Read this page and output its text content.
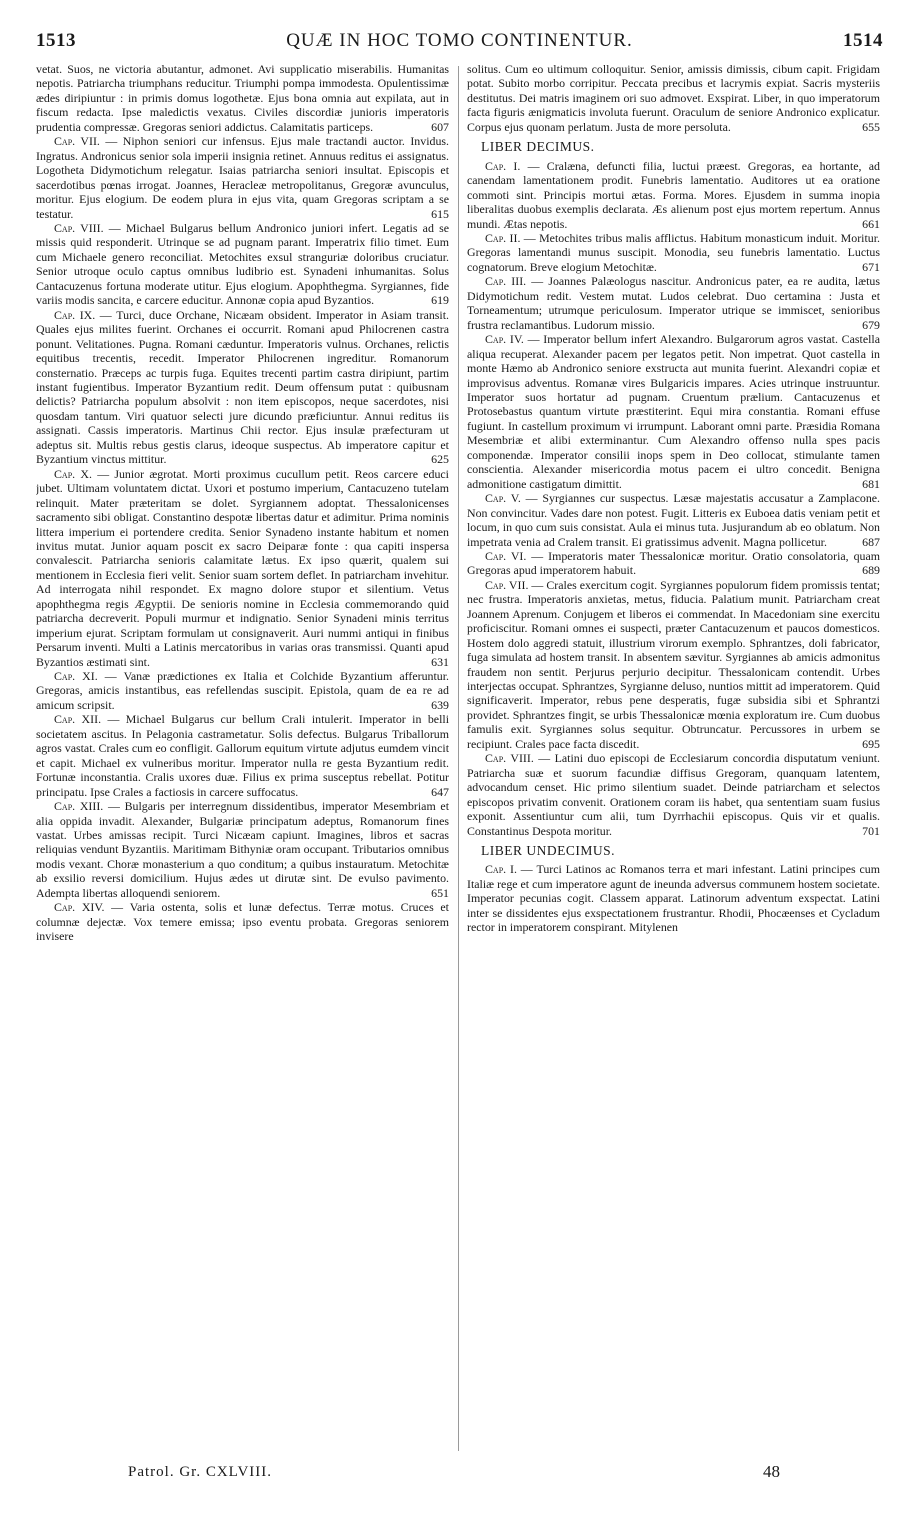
QUÆ IN HOC TOMO CONTINENTUR.
1513	1514

vetat. Suos, ne victoria abutantur, admonet. Avi supplicatio miserabilis. Humanitas nepotis. Patriarcha triumphans reducitur. Triumphi pompa immodesta. Opulentissimæ ædes diripiuntur : in primis domus logothetæ. Ejus bona omnia aut expilata, aut in fiscum redacta. Ipse maledictis vexatus. Civiles discordiæ junioris imperatoris prudentia compressæ. Gregoras seniori addictus. Calamitatis particeps.	607

Cap. VII. — Niphon seniori cur infensus. Ejus male tractandi auctor. Invidus. Ingratus. Andronicus senior sola imperii insignia retinet. Annuus reditus ei assignatus. Logotheta Didymotichum relegatur. Isaias patriarcha seniori insultat. Episcopis et sacerdotibus pœnas irrogat. Joannes, Heracleæ metropolitanus, Gregoræ avunculus, moritur. Ejus elogium. De eodem plura in ejus vita, quam Gregoras scriptam a se testatur.	615

Cap. VIII. — Michael Bulgarus bellum Andronico juniori infert. Legatis ad se missis quid responderit. Utrinque se ad pugnam parant. Imperatrix filio timet. Eum cum Michaele genero reconciliat. Metochites exsul stranguriæ doloribus cruciatur. Senior utroque oculo captus omnibus ludibrio est. Synadeni inhumanitas. Solus Cantacuzenus fortuna moderate utitur. Ejus elogium. Apophthegma. Syrgiannes, fide variis modis sancita, e carcere educitur. Annonæ copia apud Byzantios.	619

Cap. IX. — Turci, duce Orchane, Nicæam obsident. Imperator in Asiam transit. Quales ejus milites fuerint. Orchanes ei occurrit. Romani apud Philocrenen castra ponunt. Velitationes. Pugna. Romani cæduntur. Imperatoris vulnus. Orchanes, relictis equitibus trecentis, recedit. Imperator Philocrenen ingreditur. Romanorum consternatio. Præceps ac turpis fuga. Equites trecenti partim castra diripiunt, partim instant fugientibus. Imperator Byzantium redit. Deum offensum putat : quibusnam delictis? Patriarcha populum absolvit : non item episcopos, neque sacerdotes, nisi quosdam tantum. Viri quatuor selecti jure dicundo præficiuntur. Annui reditus iis assignati. Cassis imperatoris. Martinus Chii rector. Ejus insulæ præfecturam ut adeptus sit. Multis rebus gestis clarus, ideoque suspectus. Ab imperatore capitur et Byzantium vinctus mittitur.	625

Cap. X. — Junior ægrotat. Morti proximus cucullum petit. Reos carcere educi jubet. Ultimam voluntatem dictat. Uxori et postumo imperium, Cantacuzeno tutelam relinquit. Mater præteritam se dolet. Syrgiannem adoptat. Thessalonicenses sacramento sibi obligat. Constantino despotæ libertas datur et adimitur. Prima nominis littera imperium ei portendere credita. Senior Synadeno instante habitum et nomen invitus mutat. Junior aquam poscit ex sacro Deiparæ fonte : qua capiti inspersa convalescit. Patriarcha senioris calamitate lætus. Ex ipso quærit, qualem sui mentionem in Ecclesia fieri velit. Senior suam sortem deflet. In patriarcham invehitur. Ad interrogata nihil respondet. Ex magno dolore stupor et silentium. Vetus apophthegma regis Ægyptii. De senioris nomine in Ecclesia commemorando quid patriarcha decreverit. Populi murmur et indignatio. Senior Synadeni minis territus imperium ejurat. Scriptam formulam ut consignaverit. Auri nummi antiqui in finibus Persarum inventi. Multi a Latinis mercatoribus in varias oras transmissi. Quanti apud Byzantios æstimati sint.	631

Cap. XI. — Vanæ prædictiones ex Italia et Colchide Byzantium afferuntur. Gregoras, amicis instantibus, eas refellendas suscipit. Epistola, quam de ea re ad amicum scripsit.	639

Cap. XII. — Michael Bulgarus cur bellum Crali intulerit. Imperator in belli societatem ascitus. In Pelagonia castrametatur. Solis defectus. Bulgarus Triballorum agros vastat. Crales cum eo confligit. Gallorum equitum virtute adjutus eumdem vincit et capit. Michael ex vulneribus moritur. Imperator nulla re gesta Byzantium redit. Fortunæ inconstantia. Cralis uxores duæ. Filius ex prima susceptus rebellat. Potitur principatu. Ipse Crales a factiosis in carcere suffocatus.	647

Cap. XIII. — Bulgaris per interregnum dissidentibus, imperator Mesembriam et alia oppida invadit. Alexander, Bulgariæ principatum adeptus, Romanorum fines vastat. Urbes amissas recipit. Turci Nicæam capiunt. Imagines, libros et sacras reliquias vendunt Byzantiis. Maritimam Bithyniæ oram occupant. Tributarios omnibus modis vexant. Choræ monasterium a quo conditum; a quibus instauratum. Metochitæ ab exsilio reversi domicilium. Hujus ædes ut dirutæ sint. De evulso pavimento. Adempta libertas alloquendi seniorem.	651

Cap. XIV. — Varia ostenta, solis et lunæ defectus. Terræ motus. Cruces et columnæ dejectæ. Vox temere emissa; ipso eventu probata. Gregoras seniorem invisere

solitus. Cum eo ultimum colloquitur. Senior, amissis dimissis, cibum capit. Frigidam potat. Subito morbo corripitur. Peccata precibus et lacrymis expiat. Sacris mysteriis destitutus. Dei matris imaginem ori suo admovet. Exspirat. Liber, in quo imperatorum facta figuris ænigmaticis involuta fuerunt. Oraculum de seniore Andronico explicatur. Corpus ejus quonam perlatum. Justa de more persoluta.	655

LIBER DECIMUS.

Cap. I. — Cralæna, defuncti filia, luctui præest. Gregoras, ea hortante, ad canendam lamentationem prodit. Funebris lamentatio. Auditores ut ea oratione commoti sint. Principis mortui ætas. Forma. Mores. Ejusdem in summa inopia liberalitas duobus exemplis declarata. Æs alienum post ejus mortem repertum. Annus mundi. Ætas nepotis.	661

Cap. II. — Metochites tribus malis afflictus. Habitum monasticum induit. Moritur. Gregoras lamentandi munus suscipit. Monodia, seu funebris lamentatio. Luctus cognatorum. Breve elogium Metochitæ.	671

Cap. III. — Joannes Palæologus nascitur. Andronicus pater, ea re audita, lætus Didymotichum redit. Vestem mutat. Ludos celebrat. Duo certamina : Justa et Torneamentum; utrumque periculosum. Imperator utrique se immiscet, senioribus frustra reclamantibus. Ludorum missio.	679

Cap. IV. — Imperator bellum infert Alexandro. Bulgarorum agros vastat. Castella aliqua recuperat. Alexander pacem per legatos petit. Non impetrat. Quot castella in monte Hæmo ab Andronico seniore exstructa aut munita fuerint. Alexandri copiæ et improvisus adventus. Romanæ vires Bulgaricis impares. Acies utrinque instruuntur. Imperator suos hortatur ad pugnam. Cruentum prælium. Cantacuzenus et Protosebastus quantum virtute præstiterint. Equi mira constantia. Romani effuse fugiunt. In castellum proximum vi irrumpunt. Laborant omni parte. Præsidia Romana Mesembriæ et alibi exterminantur. Cum Alexandro offenso nulla spes pacis componendæ. Imperator consilii inops spem in Deo collocat, stimulante tamen conscientia. Alexander misericordia motus pacem ei ultro concedit. Benigna admonitione castigatum dimittit.	681

Cap. V. — Syrgiannes cur suspectus. Læsæ majestatis accusatur a Zamplacone. Non convincitur. Vades dare non potest. Fugit. Litteris ex Euboea datis veniam petit et locum, in quo cum suis consistat. Aula ei minus tuta. Jusjurandum ab eo oblatum. Non impetrata venia ad Cralem transit. Ei gratissimus advenit. Magna pollicetur.	687

Cap. VI. — Imperatoris mater Thessalonicæ moritur. Oratio consolatoria, quam Gregoras apud imperatorem habuit.	689

Cap. VII. — Crales exercitum cogit. Syrgiannes populorum fidem promissis tentat; nec frustra. Imperatoris anxietas, metus, fiducia. Palatium munit. Patriarcham creat Joannem Aprenum. Conjugem et liberos ei commendat. In Macedoniam sine exercitu proficiscitur. Romani omnes ei suspecti, præter Cantacuzenum et paucos domesticos. Hostem dolo aggredi statuit, illustrium virorum exemplo. Sphrantzes, doli fabricator, fuga simulata ad hostem transit. In absentem sævitur. Syrgiannes ab amicis admonitus fraudem non sentit. Perjurus perjurio decipitur. Thessalonicam contendit. Urbes interjectas occupat. Sphrantzes, Syrgianne deluso, nuntios mittit ad imperatorem. Quid significaverit. Imperator, rebus pene desperatis, fugæ subsidia sibi et Sphrantzi providet. Sphrantzes fingit, se urbis Thessalonicæ mœnia exploratum ire. Cum duobus famulis exit. Syrgiannes solus sequitur. Obtruncatur. Percussores in urbem se recipiunt. Crales pace facta discedit.	695

Cap. VIII. — Latini duo episcopi de Ecclesiarum concordia disputatum veniunt. Patriarcha suæ et suorum facundiæ diffisus Gregoram, quanquam latentem, advocandum censet. Hic primo silentium suadet. Deinde patriarcham et selectos episcopos privatim convenit. Orationem coram iis habet, qua sententiam suam fusius exponit. Assentiuntur cum alii, tum Dyrrhachii episcopus. Quis vir et qualis. Constantinus Despota moritur.	701

LIBER UNDECIMUS.

Cap. I. — Turci Latinos ac Romanos terra et mari infestant. Latini principes cum Italiæ rege et cum imperatore agunt de ineunda adversus communem hostem societate. Imperator pecunias cogit. Classem apparat. Latinorum adventum exspectat. Latini inter se dissidentes ejus exspectationem frustrantur. Rhodii, Phocæenses et Cycladum rector in imperatorem conspirant. Mitylenen

Patrol. Gr. CXLVIII.	48
